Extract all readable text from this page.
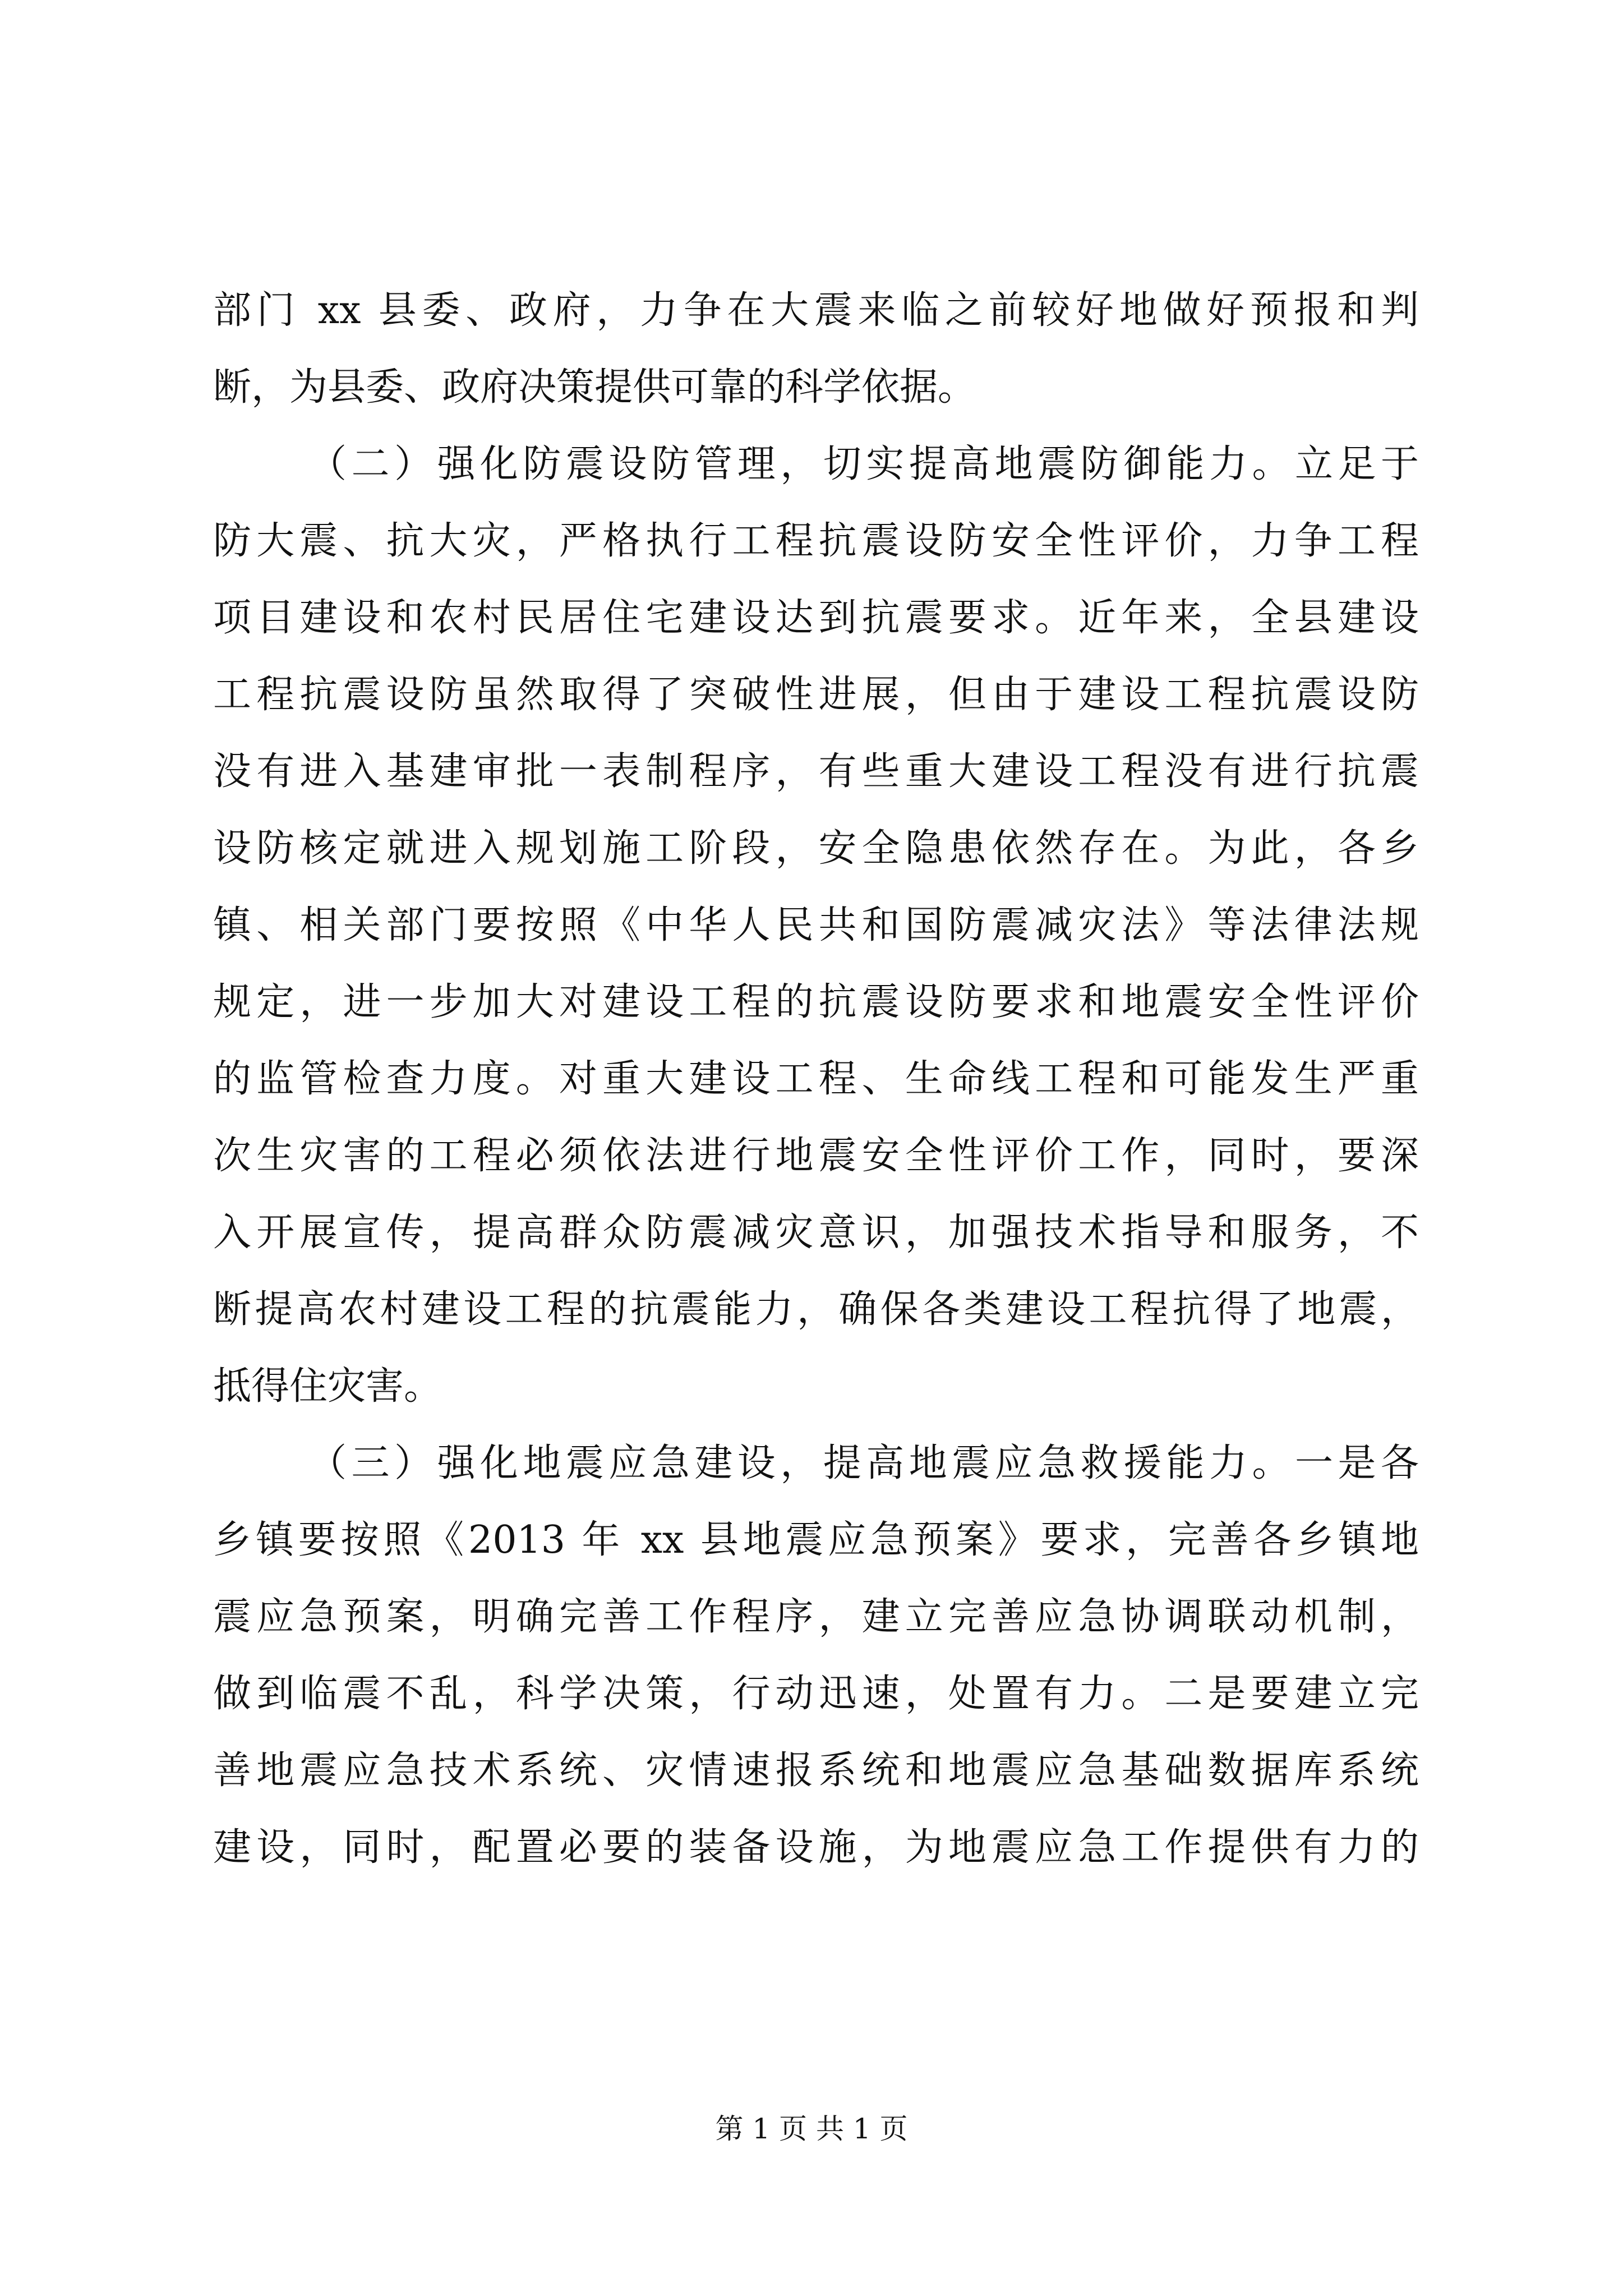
部门 xx 县委、政府，力争在大震来临之前较好地做好预报和判
断，为县委、政府决策提供可靠的科学依据。
（二）强化防震设防管理，切实提高地震防御能力。立足于
防大震、抗大灾，严格执行工程抗震设防安全性评价，力争工程
项目建设和农村民居住宅建设达到抗震要求。近年来，全县建设
工程抗震设防虽然取得了突破性进展，但由于建设工程抗震设防
没有进入基建审批一表制程序，有些重大建设工程没有进行抗震
设防核定就进入规划施工阶段，安全隐患依然存在。为此，各乡
镇、相关部门要按照《中华人民共和国防震减灾法》等法律法规
规定，进一步加大对建设工程的抗震设防要求和地震安全性评价
的监管检查力度。对重大建设工程、生命线工程和可能发生严重
次生灾害的工程必须依法进行地震安全性评价工作，同时，要深
入开展宣传，提高群众防震减灾意识，加强技术指导和服务，不
断提高农村建设工程的抗震能力，确保各类建设工程抗得了地震，
抵得住灾害。
（三）强化地震应急建设，提高地震应急救援能力。一是各
乡镇要按照《2013 年 xx 县地震应急预案》要求，完善各乡镇地
震应急预案，明确完善工作程序，建立完善应急协调联动机制，
做到临震不乱，科学决策，行动迅速，处置有力。二是要建立完
善地震应急技术系统、灾情速报系统和地震应急基础数据库系统
建设，同时，配置必要的装备设施，为地震应急工作提供有力的
第 1 页 共 1 页
